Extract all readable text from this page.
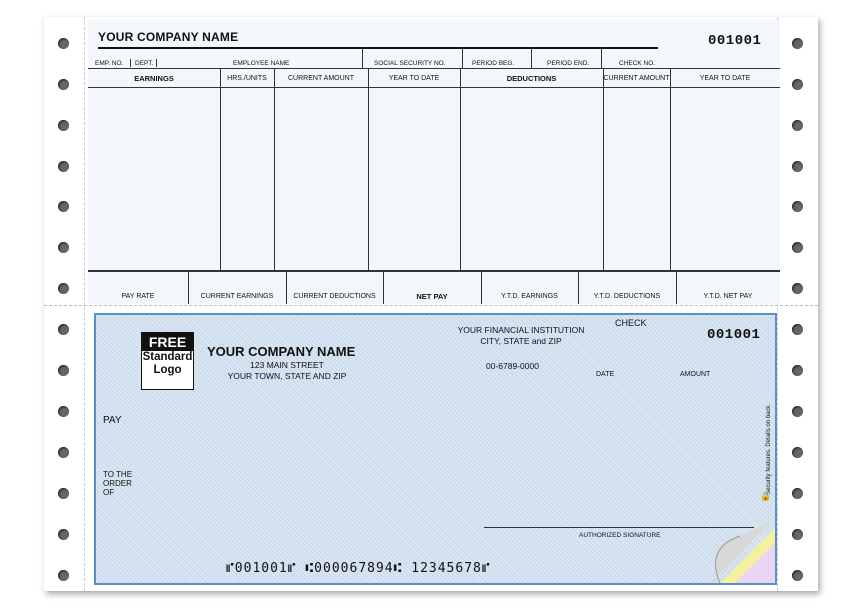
YOUR COMPANY NAME	001001
EMP. NO. DEPT.	EMPLOYEE NAME	SOCIAL SECURITY NO.	PERIOD BEG.	PERIOD END.	CHECK NO.
EARNINGS	HRS./UNITS	CURRENT AMOUNT	YEAR TO DATE	DEDUCTIONS	CURRENT AMOUNT	YEAR TO DATE
PAY RATE	CURRENT EARNINGS	CURRENT DEDUCTIONS	NET PAY	Y.T.D. EARNINGS	Y.T.D. DEDUCTIONS	Y.T.D. NET PAY
FREE
Standard
Logo
YOUR COMPANY NAME
123 MAIN STREET
YOUR TOWN, STATE AND ZIP
YOUR FINANCIAL INSTITUTION
CITY, STATE and ZIP
00-6789-0000
CHECK
001001
DATE	AMOUNT
PAY
TO THE
ORDER
OF
AUTHORIZED SIGNATURE
Security features. Details on back.
🔒
⑈001001⑈ ⑆000067894⑆ 12345678⑈
